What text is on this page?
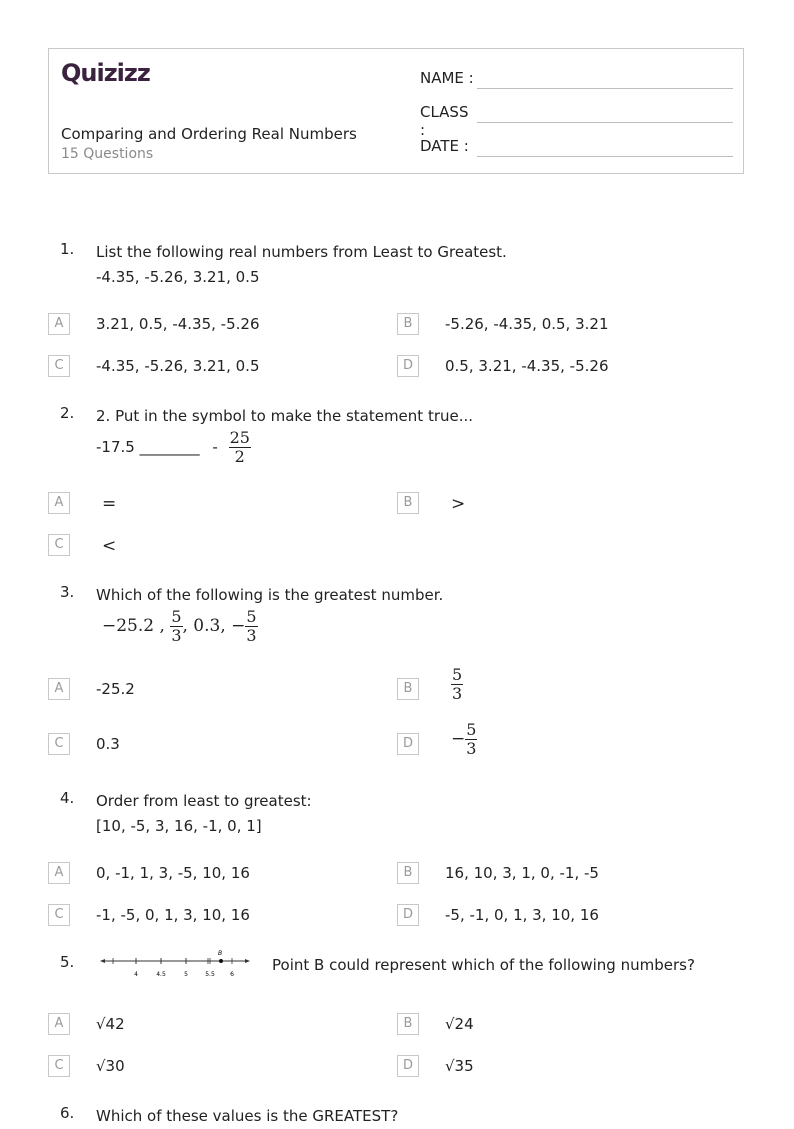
Quizizz
Comparing and Ordering Real Numbers
15 Questions
NAME :
CLASS :
DATE :
1. List the following real numbers from Least to Greatest.
-4.35, -5.26, 3.21, 0.5
A	3.21, 0.5, -4.35, -5.26	B	-5.26, -4.35, 0.5, 3.21
C	-4.35, -5.26, 3.21, 0.5	D	0.5, 3.21, -4.35, -5.26
2. 2. Put in the symbol to make the statement true...
-17.5 ________ - $\frac{25}{2}$
A	=	B	>
C	<
3. Which of the following is the greatest number.
−25.2 , $\frac{5}{3}$ , 0.3, − $\frac{5}{3}$
A	-25.2	B	$\frac{5}{3}$
C	0.3	D	− $\frac{5}{3}$
4. Order from least to greatest:
[10, -5, 3, 16, -1, 0, 1]
A	0, -1, 1, 3, -5, 10, 16	B	16, 10, 3, 1, 0, -1, -5
C	-1, -5, 0, 1, 3, 10, 16	D	-5, -1, 0, 1, 3, 10, 16
5.
4	4.5	5	5.5	6
B
Point B could represent which of the following numbers?
A	√42	B	√24
C	√30	D	√35
6. Which of these values is the GREATEST?
